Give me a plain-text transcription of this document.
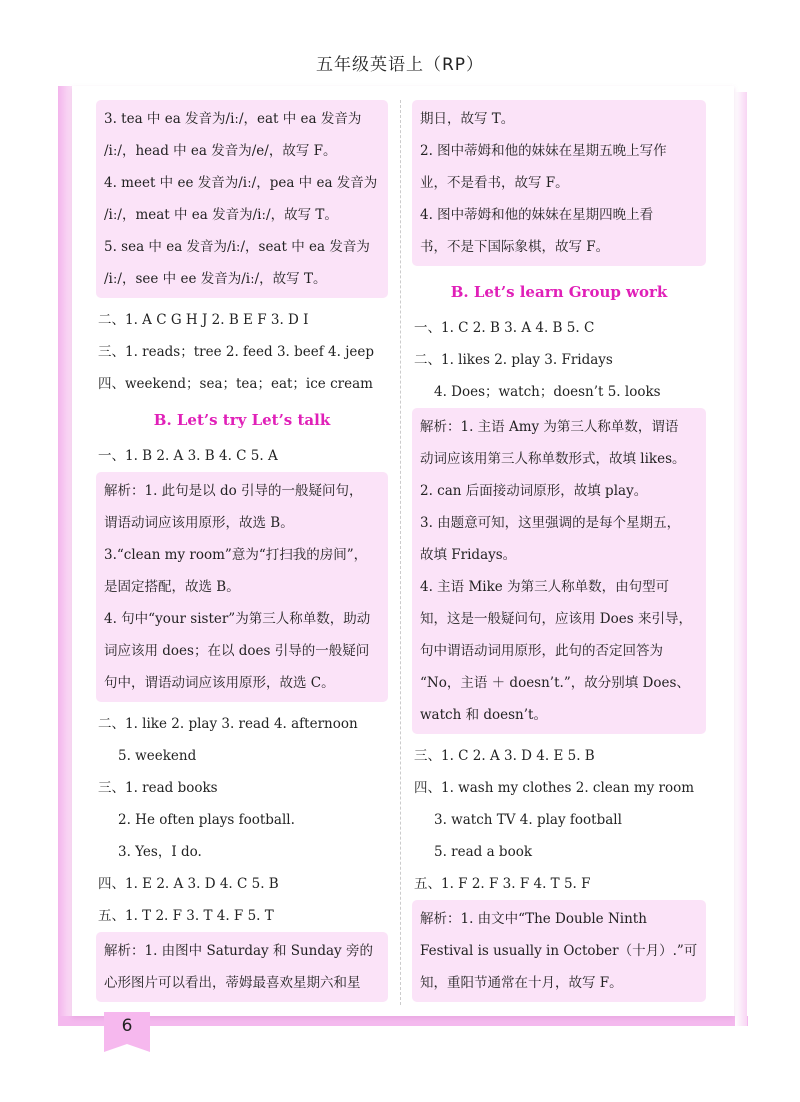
五年级英语上（RP）
3. tea 中 ea 发音为/iː/，eat 中 ea 发音为
/iː/，head 中 ea 发音为/e/，故写 F。
4. meet 中 ee 发音为/iː/，pea 中 ea 发音为
/iː/，meat 中 ea 发音为/iː/，故写 T。
5. sea 中 ea 发音为/iː/，seat 中 ea 发音为
/iː/，see 中 ee 发音为/iː/，故写 T。
二、1. A C G H J 2. B E F 3. D I
三、1. reads；tree 2. feed 3. beef 4. jeep
四、weekend；sea；tea；eat；ice cream
B. Let’s try Let’s talk
一、1. B 2. A 3. B 4. C 5. A
解析：1. 此句是以 do 引导的一般疑问句，
谓语动词应该用原形，故选 B。
3.“clean my room”意为“打扫我的房间”，
是固定搭配，故选 B。
4. 句中“your sister”为第三人称单数，助动
词应该用 does；在以 does 引导的一般疑问
句中，谓语动词应该用原形，故选 C。
二、1. like 2. play 3. read 4. afternoon
5. weekend
三、1. read books
2. He often plays football.
3. Yes，I do.
四、1. E 2. A 3. D 4. C 5. B
五、1. T 2. F 3. T 4. F 5. T
解析：1. 由图中 Saturday 和 Sunday 旁的
心形图片可以看出，蒂姆最喜欢星期六和星
期日，故写 T。
2. 图中蒂姆和他的妹妹在星期五晚上写作
业，不是看书，故写 F。
4. 图中蒂姆和他的妹妹在星期四晚上看
书，不是下国际象棋，故写 F。
B. Let’s learn Group work
一、1. C 2. B 3. A 4. B 5. C
二、1. likes 2. play 3. Fridays
4. Does；watch；doesn’t 5. looks
解析：1. 主语 Amy 为第三人称单数，谓语
动词应该用第三人称单数形式，故填 likes。
2. can 后面接动词原形，故填 play。
3. 由题意可知，这里强调的是每个星期五，
故填 Fridays。
4. 主语 Mike 为第三人称单数，由句型可
知，这是一般疑问句，应该用 Does 来引导，
句中谓语动词用原形，此句的否定回答为
“No，主语 ＋ doesn’t.”，故分别填 Does、
watch 和 doesn’t。
三、1. C 2. A 3. D 4. E 5. B
四、1. wash my clothes 2. clean my room
3. watch TV 4. play football
5. read a book
五、1. F 2. F 3. F 4. T 5. F
解析：1. 由文中“The Double Ninth
Festival is usually in October（十月）.”可
知，重阳节通常在十月，故写 F。
6
